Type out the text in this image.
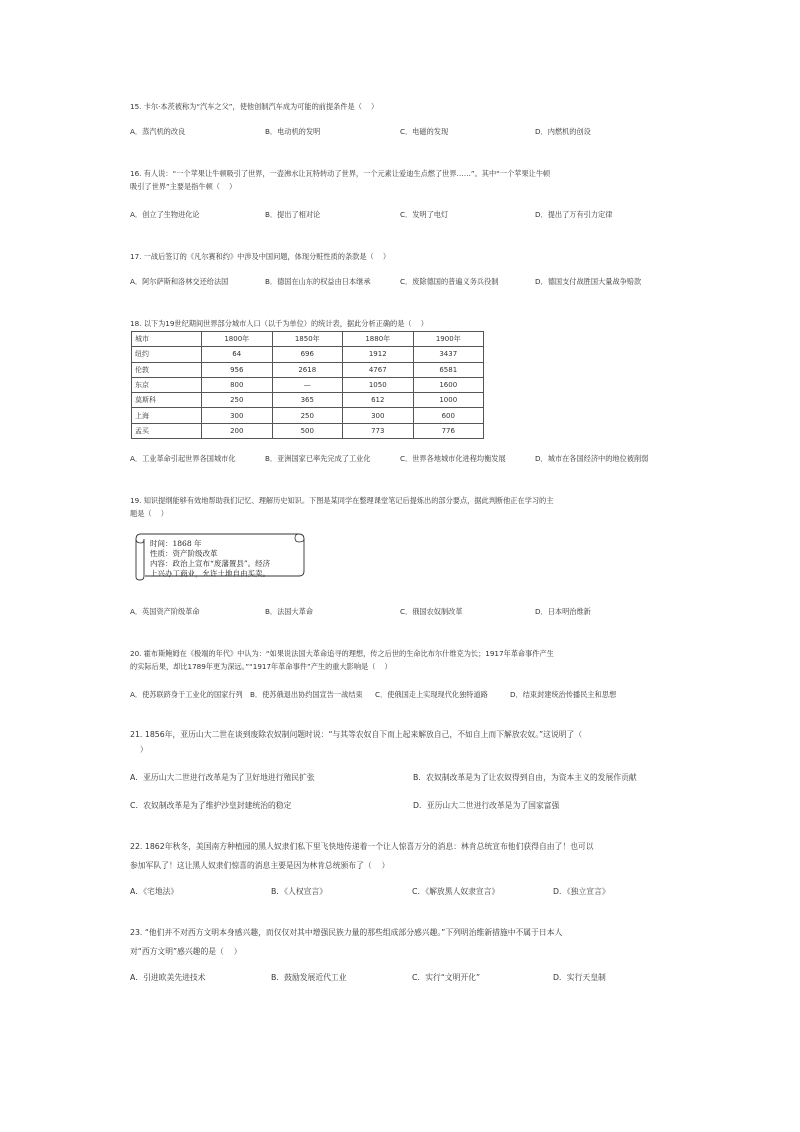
15. 卡尔·本茨被称为“汽车之父”，使他创制汽车成为可能的前提条件是（    ）
A．蒸汽机的改良	B．电动机的发明	C．电磁的发现	D．内燃机的创设
16. 有人说：“一个苹果让牛顿吸引了世界，一壶沸水让瓦特转动了世界，一个元素让爱迪生点燃了世界……”。其中“一个苹果让牛顿
吸引了世界”主要是指牛顿（    ）
A．创立了生物进化论	B．提出了相对论	C．发明了电灯	D．提出了万有引力定律
17. 一战后签订的《凡尔赛和约》中涉及中国问题，体现分赃性质的条款是（    ）
A．阿尔萨斯和洛林交还给法国	B．德国在山东的权益由日本继承	C．废除德国的普遍义务兵役制	D．德国支付战胜国大量战争赔款
18. 以下为19世纪期间世界部分城市人口（以千为单位）的统计表，据此分析正确的是（    ）
城市	1800年	1850年	1880年	1900年
纽约	64	696	1912	3437
伦敦	956	2618	4767	6581
东京	800	—	1050	1600
莫斯科	250	365	612	1000
上海	300	250	300	600
孟买	200	500	773	776
A．工业革命引起世界各国城市化	B．亚洲国家已率先完成了工业化	C．世界各地城市化进程均衡发展	D．城市在各国经济中的地位被削弱
19. 知识提纲能够有效地帮助我们记忆、理解历史知识。下图是某同学在整理课堂笔记后提炼出的部分要点，据此判断他正在学习的主
题是（    ）
时间：1868 年
性质：资产阶级改革
内容：政治上宣布“废藩置县”。经济
上兴办工商业，允许土地自由买卖。
A．英国资产阶级革命	B．法国大革命	C．俄国农奴制改革	D．日本明治维新
20. 霍布斯鲍姆在《极端的年代》中认为：“如果说法国大革命追寻的理想，传之后世的生命比布尔什维克为长；1917年革命事件产生
的实际后果，却比1789年更为深远。”“1917年革命事件”产生的重大影响是（    ）
A．使苏联跻身于工业化的国家行列 B．使苏俄退出协约国宣告一战结束 C．使俄国走上实现现代化独特道路	D．结束封建统治传播民主和思想
21. 1856年，亚历山大二世在谈到废除农奴制问题时说：“与其等农奴自下而上起来解放自己，不如自上而下解放农奴。”这说明了（
）
A．亚历山大二世进行改革是为了卫好地进行殖民扩张	B．农奴制改革是为了让农奴得到自由，为资本主义的发展作贡献
C．农奴制改革是为了维护沙皇封建统治的稳定	D．亚历山大二世进行改革是为了国家富强
22. 1862年秋冬，美国南方种植园的黑人奴隶们私下里飞快地传递着一个让人惊喜万分的消息：林肯总统宣布他们获得自由了！也可以
参加军队了！这让黑人奴隶们惊喜的消息主要是因为林肯总统颁布了（    ）
A．《宅地法》	B．《人权宣言》	C．《解放黑人奴隶宣言》	D．《独立宣言》
23. “他们并不对西方文明本身感兴趣，而仅仅对其中增强民族力量的那些组成部分感兴趣。”下列明治维新措施中不属于日本人
对“西方文明”感兴趣的是（    ）
A．引进欧美先进技术	B．鼓励发展近代工业	C．实行“文明开化”	D．实行天皇制
